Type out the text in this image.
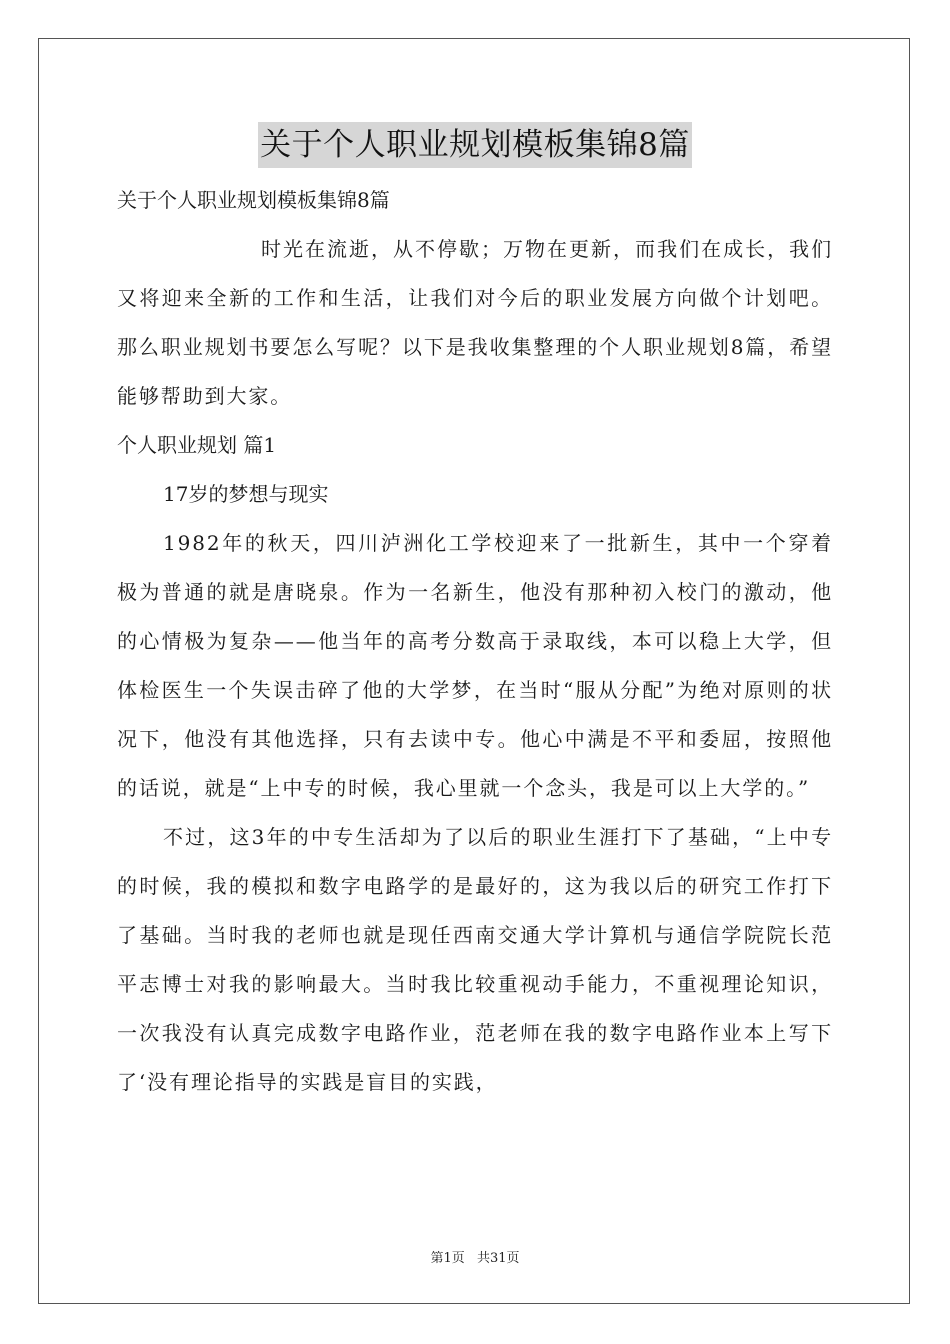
关于个人职业规划模板集锦8篇
关于个人职业规划模板集锦8篇
时光在流逝，从不停歇；万物在更新，而我们在成长，我们又将迎来全新的工作和生活，让我们对今后的职业发展方向做个计划吧。那么职业规划书要怎么写呢？以下是我收集整理的个人职业规划8篇，希望能够帮助到大家。
个人职业规划 篇1
17岁的梦想与现实
1982年的秋天，四川泸洲化工学校迎来了一批新生，其中一个穿着极为普通的就是唐晓泉。作为一名新生，他没有那种初入校门的激动，他的心情极为复杂——他当年的高考分数高于录取线，本可以稳上大学，但体检医生一个失误击碎了他的大学梦，在当时“服从分配”为绝对原则的状况下，他没有其他选择，只有去读中专。他心中满是不平和委屈，按照他的话说，就是“上中专的时候，我心里就一个念头，我是可以上大学的。”
不过，这3年的中专生活却为了以后的职业生涯打下了基础，“上中专的时候，我的模拟和数字电路学的是最好的，这为我以后的研究工作打下了基础。当时我的老师也就是现任西南交通大学计算机与通信学院院长范平志博士对我的影响最大。当时我比较重视动手能力，不重视理论知识，一次我没有认真完成数字电路作业，范老师在我的数字电路作业本上写下了‘没有理论指导的实践是盲目的实践，
第1页 共31页
